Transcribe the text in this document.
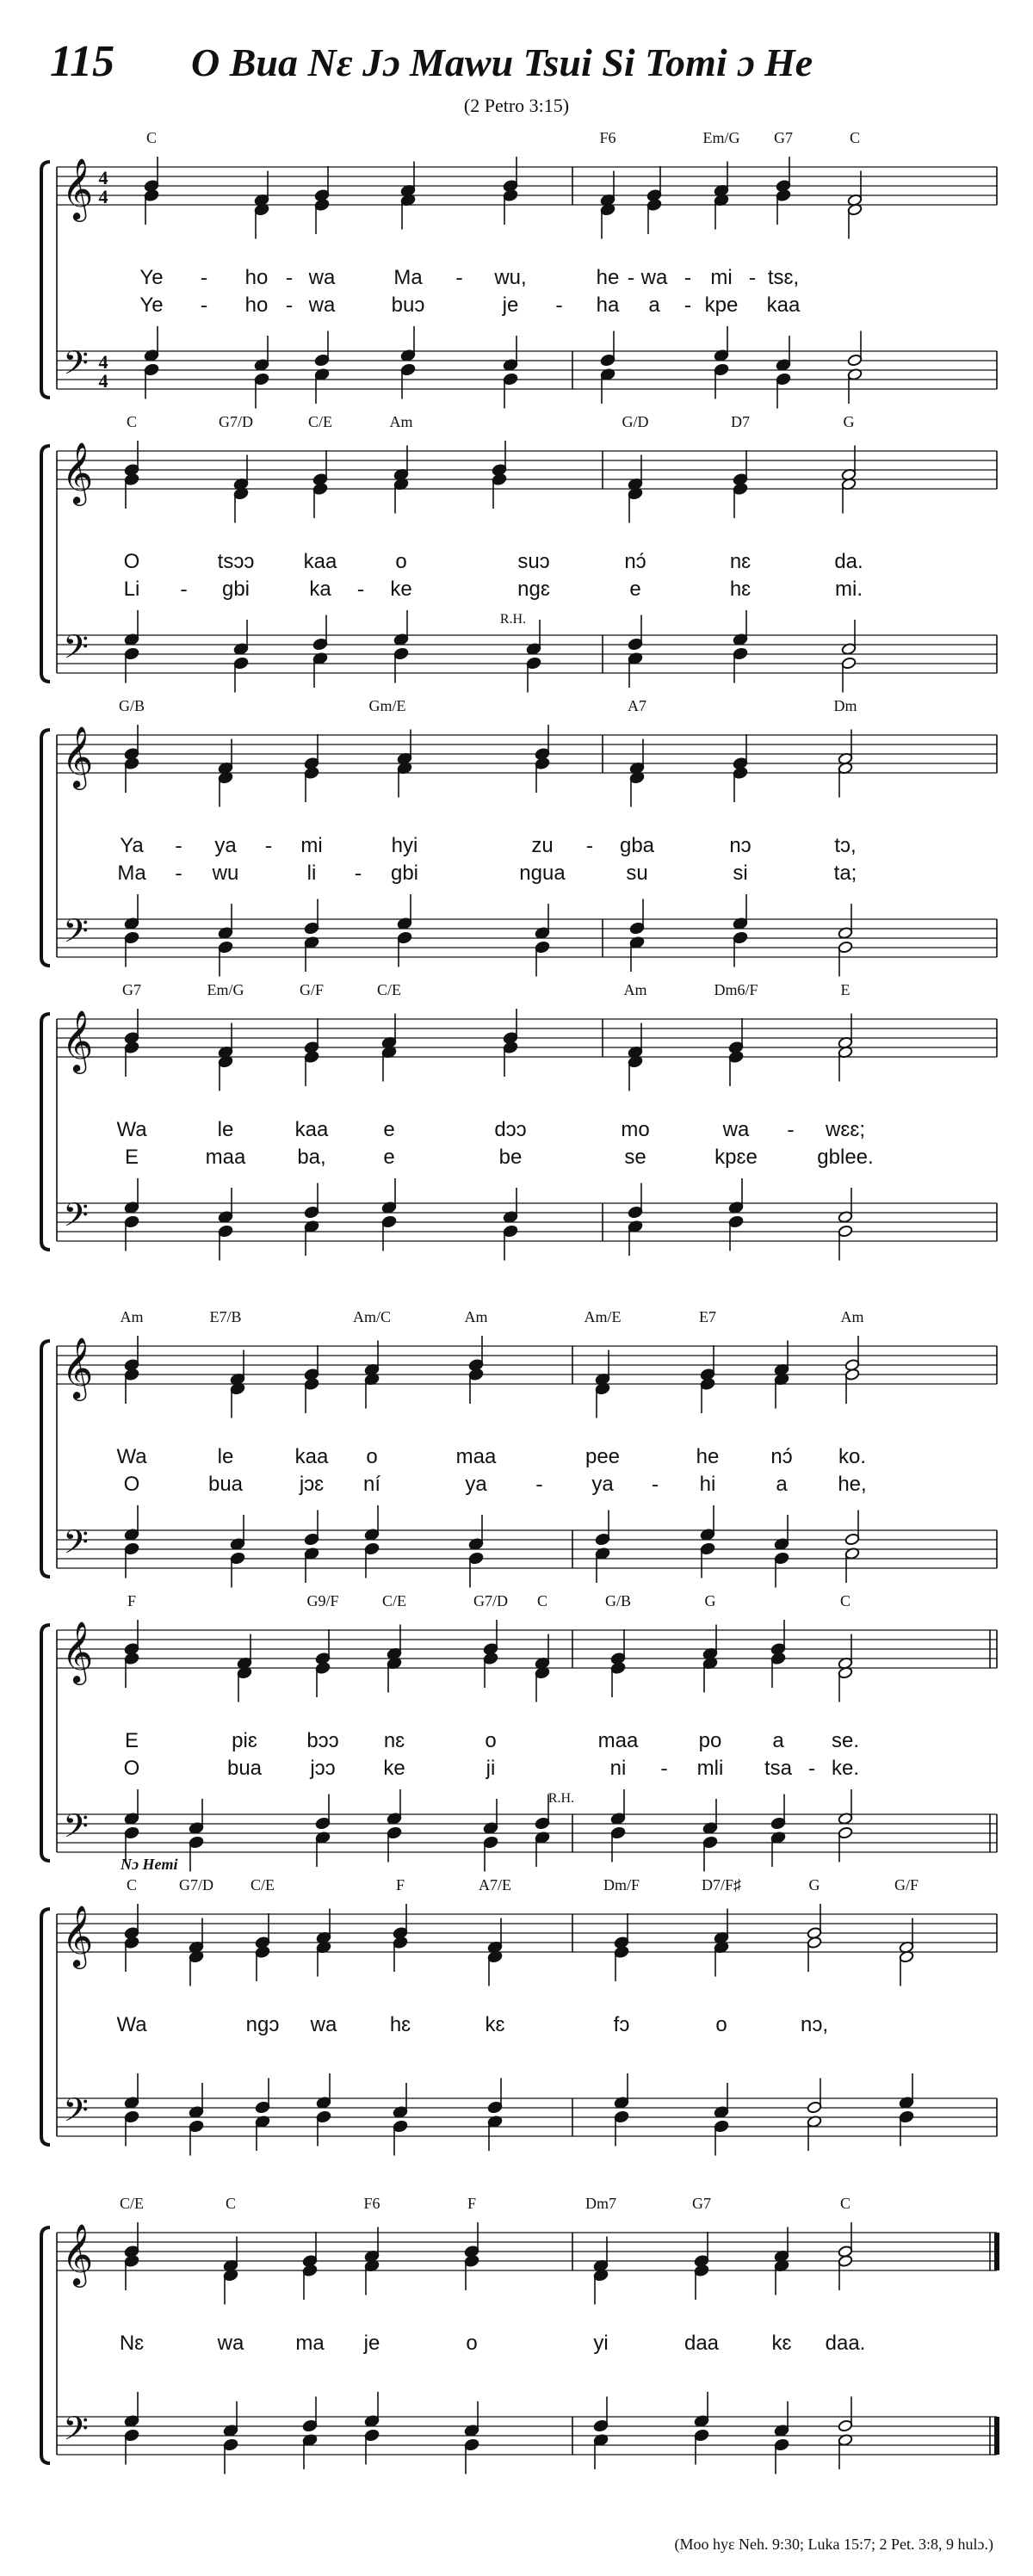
115 O Bua Nɛ Jɔ Mawu Tsui Si Tomi ɔ He
(2 Petro 3:15)
C	F6	Em/G G7	C
𝄞
𝄢
4
4
4
4
Ye - ho - wa	Ma - wu,	he - wa - mi - tsɛ,
Ye - ho - wa	buɔ	je - ha a - kpe kaa
C	G7/D	C/E	Am	G/D	D7	G
𝄞
𝄢
O	tsɔɔ kaa	o	suɔ	nɔ́	nɛ	da.
Li - gbi	ka - ke	ngɛ	e	hɛ	mi.
R.H.
G/B	Gm/E	A7	Dm
𝄞
𝄢
Ya - ya - mi	hyi	zu - gba	nɔ	tɔ,
Ma - wu	li - gbi	ngua	su	si	ta;
G7	Em/G	G/F	C/E	Am	Dm6/F	E
𝄞
𝄢
Wa	le	kaa	e	dɔɔ	mo	wa - wɛɛ;
E	maa ba,	e	be	se	kpɛe	gblee.
Am	E7/B	Am/C	Am	Am/E	E7	Am
𝄞
𝄢
Wa	le	kaa o	maa	pee	he nɔ́ ko.
O	bua	jɔɛ ní	ya - ya - hi	a he,
F	G9/F	C/E	G7/D C	G/B	G	C
𝄞
𝄢
E	piɛ bɔɔ nɛ	o	maa	po a se.
O	bua jɔɔ ke	ji	ni - mli tsa - ke.
R.H.
C	G7/D C/E	F	A7/E	Dm/F	D7/F♯	G	G/F
𝄞
𝄢
Wa	ngɔ wa	hɛ	kɛ	fɔ	o	nɔ,
Nɔ Hemi
C/E	C	F6	F	Dm7	G7	C
𝄞
𝄢
Nɛ	wa ma je	o	yi	daa	kɛ daa.
(Moo hyɛ Neh. 9:30; Luka 15:7; 2 Pet. 3:8, 9 hulɔ.)
